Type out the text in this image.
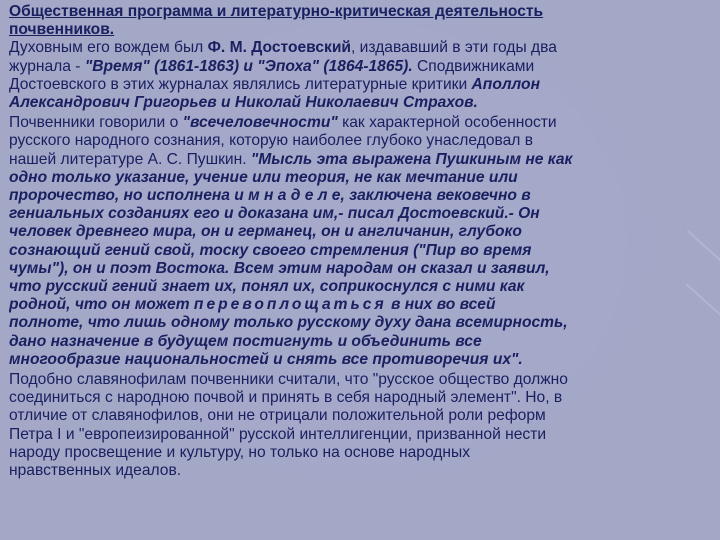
Общественная программа и литературно-критическая деятельность
почвенников.
Духовным его вождем был Ф. М. Достоевский, издававший в эти годы два
журнала - "Время" (1861-1863) и "Эпоха" (1864-1865). Сподвижниками
Достоевского в этих журналах являлись литературные критики Аполлон
Александрович Григорьев и Николай Николаевич Страхов.
Почвенники говорили о "всечеловечности" как характерной особенности
русского народного сознания, которую наиболее глубоко унаследовал в
нашей литературе А. С. Пушкин. "Мысль эта выражена Пушкиным не как
одно только указание, учение или теория, не как мечтание или
пророчество, но исполнена и м н а д е л е, заключена вековечно в
гениальных созданиях его и доказана им,- писал Достоевский.- Он
человек древнего мира, он и германец, он и англичанин, глубоко
сознающий гений свой, тоску своего стремления ("Пир во время
чумы"), он и поэт Востока. Всем этим народам он сказал и заявил,
что русский гений знает их, понял их, соприкоснулся с ними как
родной, что он может перевоплощаться в них во всей
полноте, что лишь одному только русскому духу дана всемирность,
дано назначение в будущем постигнуть и объединить все
многообразие национальностей и снять все противоречия их".
Подобно славянофилам почвенники считали, что "русское общество должно
соединиться с народною почвой и принять в себя народный элемент". Но, в
отличие от славянофилов, они не отрицали положительной роли реформ
Петра I и "европеизированной" русской интеллигенции, призванной нести
народу просвещение и культуру, но только на основе народных
нравственных идеалов.
